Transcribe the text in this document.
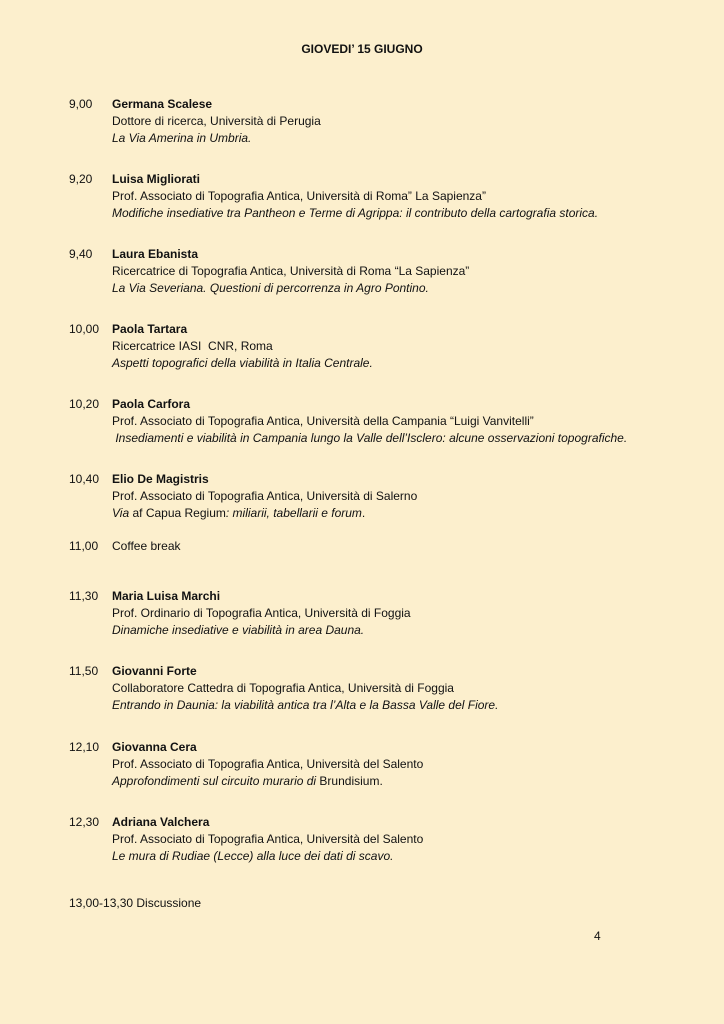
GIOVEDI’ 15 GIUGNO
9,00	Germana Scalese
Dottore di ricerca, Università di Perugia
La Via Amerina in Umbria.
9,20	Luisa Migliorati
Prof. Associato di Topografia Antica, Università di Roma” La Sapienza”
Modifiche insediative tra Pantheon e Terme di Agrippa: il contributo della cartografia storica.
9,40	Laura Ebanista
Ricercatrice di Topografia Antica, Università di Roma “La Sapienza”
La Via Severiana. Questioni di percorrenza in Agro Pontino.
10,00	Paola Tartara
Ricercatrice IASI  CNR, Roma
Aspetti topografici della viabilità in Italia Centrale.
10,20	Paola Carfora
Prof. Associato di Topografia Antica, Università della Campania “Luigi Vanvitelli”
Insediamenti e viabilità in Campania lungo la Valle dell’Isclero: alcune osservazioni topografiche.
10,40	Elio De Magistris
Prof. Associato di Topografia Antica, Università di Salerno
Via af Capua Regium: miliarii, tabellarii e forum.
11,00	Coffee break
11,30	Maria Luisa Marchi
Prof. Ordinario di Topografia Antica, Università di Foggia
Dinamiche insediative e viabilità in area Dauna.
11,50	Giovanni Forte
Collaboratore Cattedra di Topografia Antica, Università di Foggia
Entrando in Daunia: la viabilità antica tra l’Alta e la Bassa Valle del Fiore.
12,10	Giovanna Cera
Prof. Associato di Topografia Antica, Università del Salento
Approfondimenti sul circuito murario di Brundisium.
12,30	Adriana Valchera
Prof. Associato di Topografia Antica, Università del Salento
Le mura di Rudiae (Lecce) alla luce dei dati di scavo.
13,00-13,30 Discussione
4
